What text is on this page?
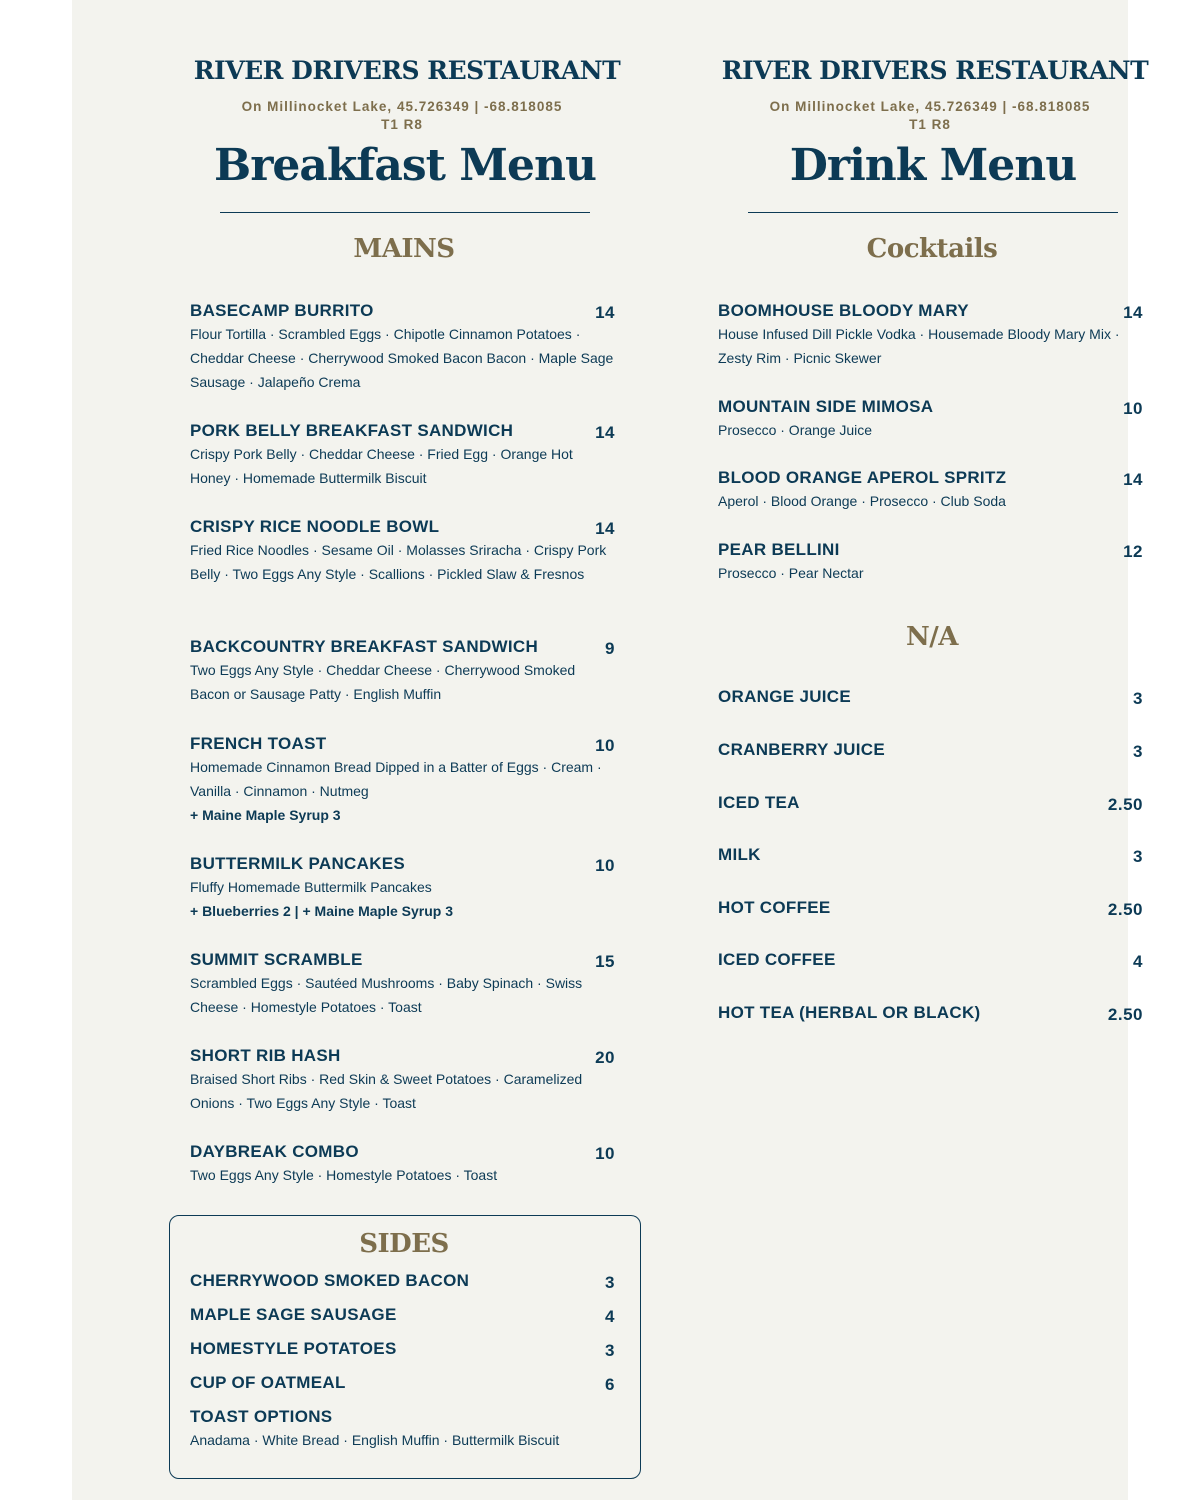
RIVER DRIVERS RESTAURANT
On Millinocket Lake, 45.726349 | -68.818085
T1 R8
Breakfast Menu
MAINS
BASECAMP BURRITO	14
Flour Tortilla · Scrambled Eggs · Chipotle Cinnamon Potatoes · Cheddar Cheese · Cherrywood Smoked Bacon Bacon · Maple Sage Sausage · Jalapeño Crema
PORK BELLY BREAKFAST SANDWICH	14
Crispy Pork Belly · Cheddar Cheese · Fried Egg · Orange Hot Honey · Homemade Buttermilk Biscuit
CRISPY RICE NOODLE BOWL	14
Fried Rice Noodles · Sesame Oil · Molasses Sriracha · Crispy Pork Belly · Two Eggs Any Style · Scallions · Pickled Slaw & Fresnos
BACKCOUNTRY BREAKFAST SANDWICH	9
Two Eggs Any Style · Cheddar Cheese · Cherrywood Smoked Bacon or Sausage Patty · English Muffin
FRENCH TOAST	10
Homemade Cinnamon Bread Dipped in a Batter of Eggs · Cream · Vanilla · Cinnamon · Nutmeg
+ Maine Maple Syrup 3
BUTTERMILK PANCAKES	10
Fluffy Homemade Buttermilk Pancakes
+ Blueberries 2 | + Maine Maple Syrup 3
SUMMIT SCRAMBLE	15
Scrambled Eggs · Sautéed Mushrooms · Baby Spinach · Swiss Cheese · Homestyle Potatoes · Toast
SHORT RIB HASH	20
Braised Short Ribs · Red Skin & Sweet Potatoes · Caramelized Onions · Two Eggs Any Style · Toast
DAYBREAK COMBO	10
Two Eggs Any Style · Homestyle Potatoes · Toast
SIDES
CHERRYWOOD SMOKED BACON	3
MAPLE SAGE SAUSAGE	4
HOMESTYLE POTATOES	3
CUP OF OATMEAL	6
TOAST OPTIONS
Anadama · White Bread · English Muffin · Buttermilk Biscuit
RIVER DRIVERS RESTAURANT
On Millinocket Lake, 45.726349 | -68.818085
T1 R8
Drink Menu
Cocktails
BOOMHOUSE BLOODY MARY	14
House Infused Dill Pickle Vodka · Housemade Bloody Mary Mix · Zesty Rim · Picnic Skewer
MOUNTAIN SIDE MIMOSA	10
Prosecco · Orange Juice
BLOOD ORANGE APEROL SPRITZ	14
Aperol · Blood Orange · Prosecco · Club Soda
PEAR BELLINI	12
Prosecco · Pear Nectar
N/A
ORANGE JUICE	3
CRANBERRY JUICE	3
ICED TEA	2.50
MILK	3
HOT COFFEE	2.50
ICED COFFEE	4
HOT TEA (HERBAL OR BLACK)	2.50
